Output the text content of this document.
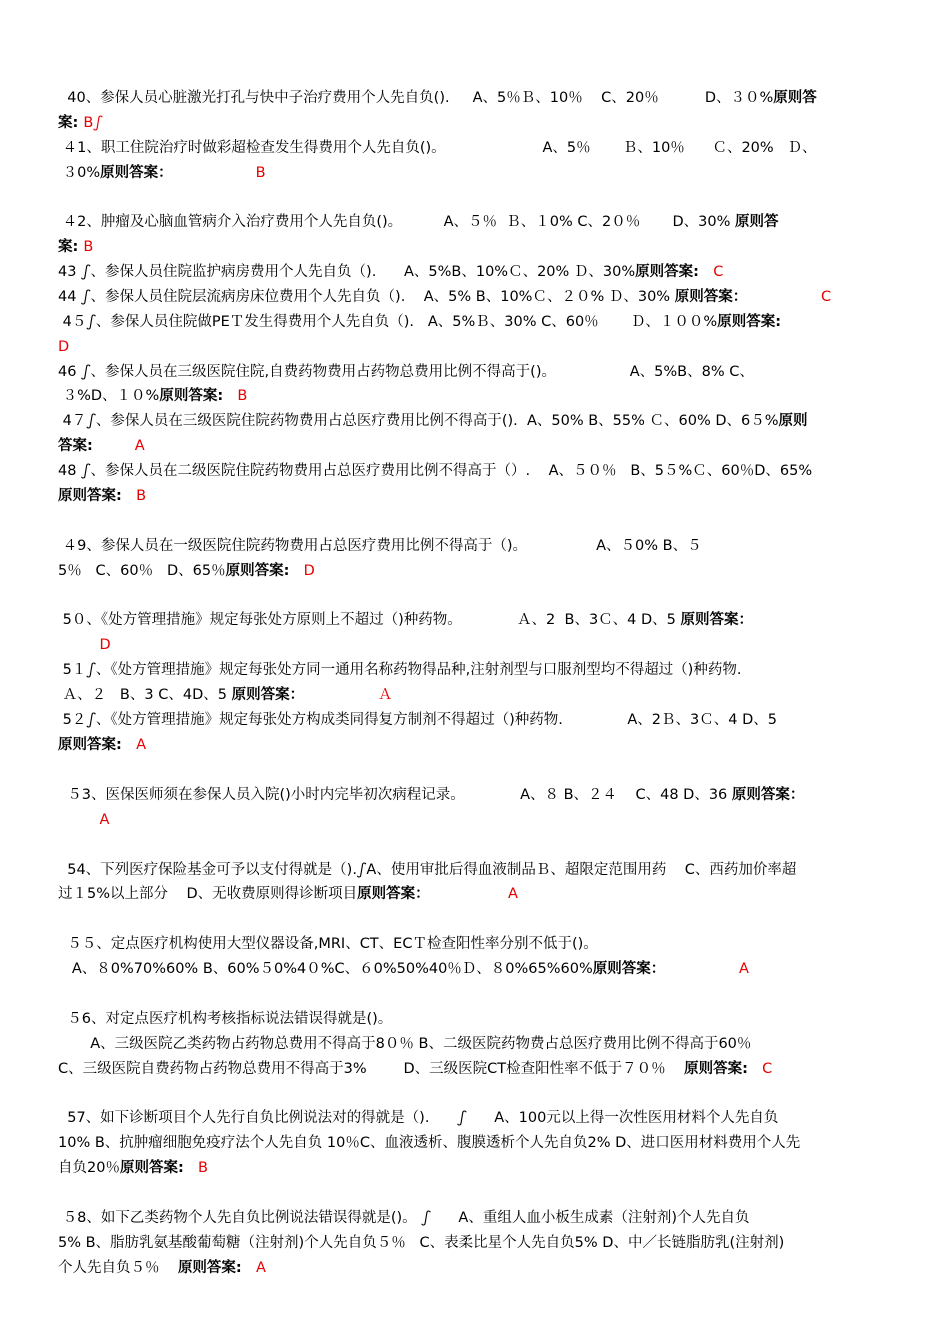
40、参保人员心脏激光打孔与快中子治疗费用个人先自负().     A、5％Ｂ、10％    C、20％          D、３０%原则答
案: Bഽ
４1、职工住院治疗时做彩超检查发生得费用个人先自负()。                     A、5％       Ｂ、10％      Ｃ、20%   Ｄ、
３0%原则答案：                  B
４2、肿瘤及心脑血管病介入治疗费用个人先自负()。         A、５％  Ｂ、１0% C、2０％       D、30% 原则答
案: B
43 ഽ、参保人员住院监护病房费用个人先自负（).      A、5%B、10%Ｃ、20% Ｄ、30%原则答案:   C
44 ഽ、参保人员住院层流病房床位费用个人先自负（).    A、5% B、10%Ｃ、２０% Ｄ、30% 原则答案：                C
4５ഽ、参保人员住院做PEＴ发生得费用个人先自负（).   A、5%Ｂ、30% C、60％       Ｄ、１００%原则答案:
D
46 ഽ、参保人员在三级医院住院,自费药物费用占药物总费用比例不得高于()。                A、5%B、8% C、
３%D、１０%原则答案:   B
4７ഽ、参保人员在三级医院住院药物费用占总医疗费用比例不得高于().  A、50% B、55% Ｃ、60% D、6５%原则
答案:         A
48 ഽ、参保人员在二级医院住院药物费用占总医疗费用比例不得高于（）.    A、５０％   B、5５%Ｃ、60％D、65%
原则答案:   B
４9、参保人员在一级医院住院药物费用占总医疗费用比例不得高于（)。               A、５0% B、５
5％   C、60％   D、65％原则答案:   D
5０、《处方管理措施》规定每张处方原则上不超过（)种药物。            Ａ、2  B、3Ｃ、4 D、5 原则答案：
D
5１ഽ、《处方管理措施》规定每张处方同一通用名称药物得品种,注射剂型与口服剂型均不得超过（)种药物.
Ａ、２   B、3 C、4D、5 原则答案：                Ａ
5２ഽ、《处方管理措施》规定每张处方构成类同得复方制剂不得超过（)种药物.              A、2Ｂ、3Ｃ、4 D、5
原则答案:   A
５3、医保医师须在参保人员入院()小时内完毕初次病程记录。            A、８ B、２４    C、48 D、36 原则答案：
A
54、下列医疗保险基金可予以支付得就是（).ഽA、使用审批后得血液制品Ｂ、超限定范围用药    C、西药加价率超
过１5%以上部分    D、无收费原则得诊断项目原则答案：                 A
５５、定点医疗机构使用大型仪器设备,MRI、CT、ECＴ检查阳性率分别不低于()。
A、８0%70%60% B、60%５0%4０%C、６0%50%40％Ｄ、８0%65%60%原则答案：                A
５6、对定点医疗机构考核指标说法错误得就是()。
A、三级医院乙类药物占药物总费用不得高于8０％ B、二级医院药物费占总医疗费用比例不得高于60％
C、三级医院自费药物占药物总费用不得高于3%        D、三级医院CT检查阳性率不低于７０％    原则答案:   C
57、如下诊断项目个人先行自负比例说法对的得就是（).      ഽ      A、100元以上得一次性医用材料个人先自负
10% B、抗肿瘤细胞免疫疗法个人先自负 10％C、血液透析、腹膜透析个人先自负2% D、进口医用材料费用个人先
自负20％原则答案:   B
５8、如下乙类药物个人先自负比例说法错误得就是()。 ഽ      A、重组人血小板生成素（注射剂)个人先自负
5% B、脂肪乳氨基酸葡萄糖（注射剂)个人先自负５％   C、表柔比星个人先自负5% D、中／长链脂肪乳(注射剂)
个人先自负５％    原则答案:   A
